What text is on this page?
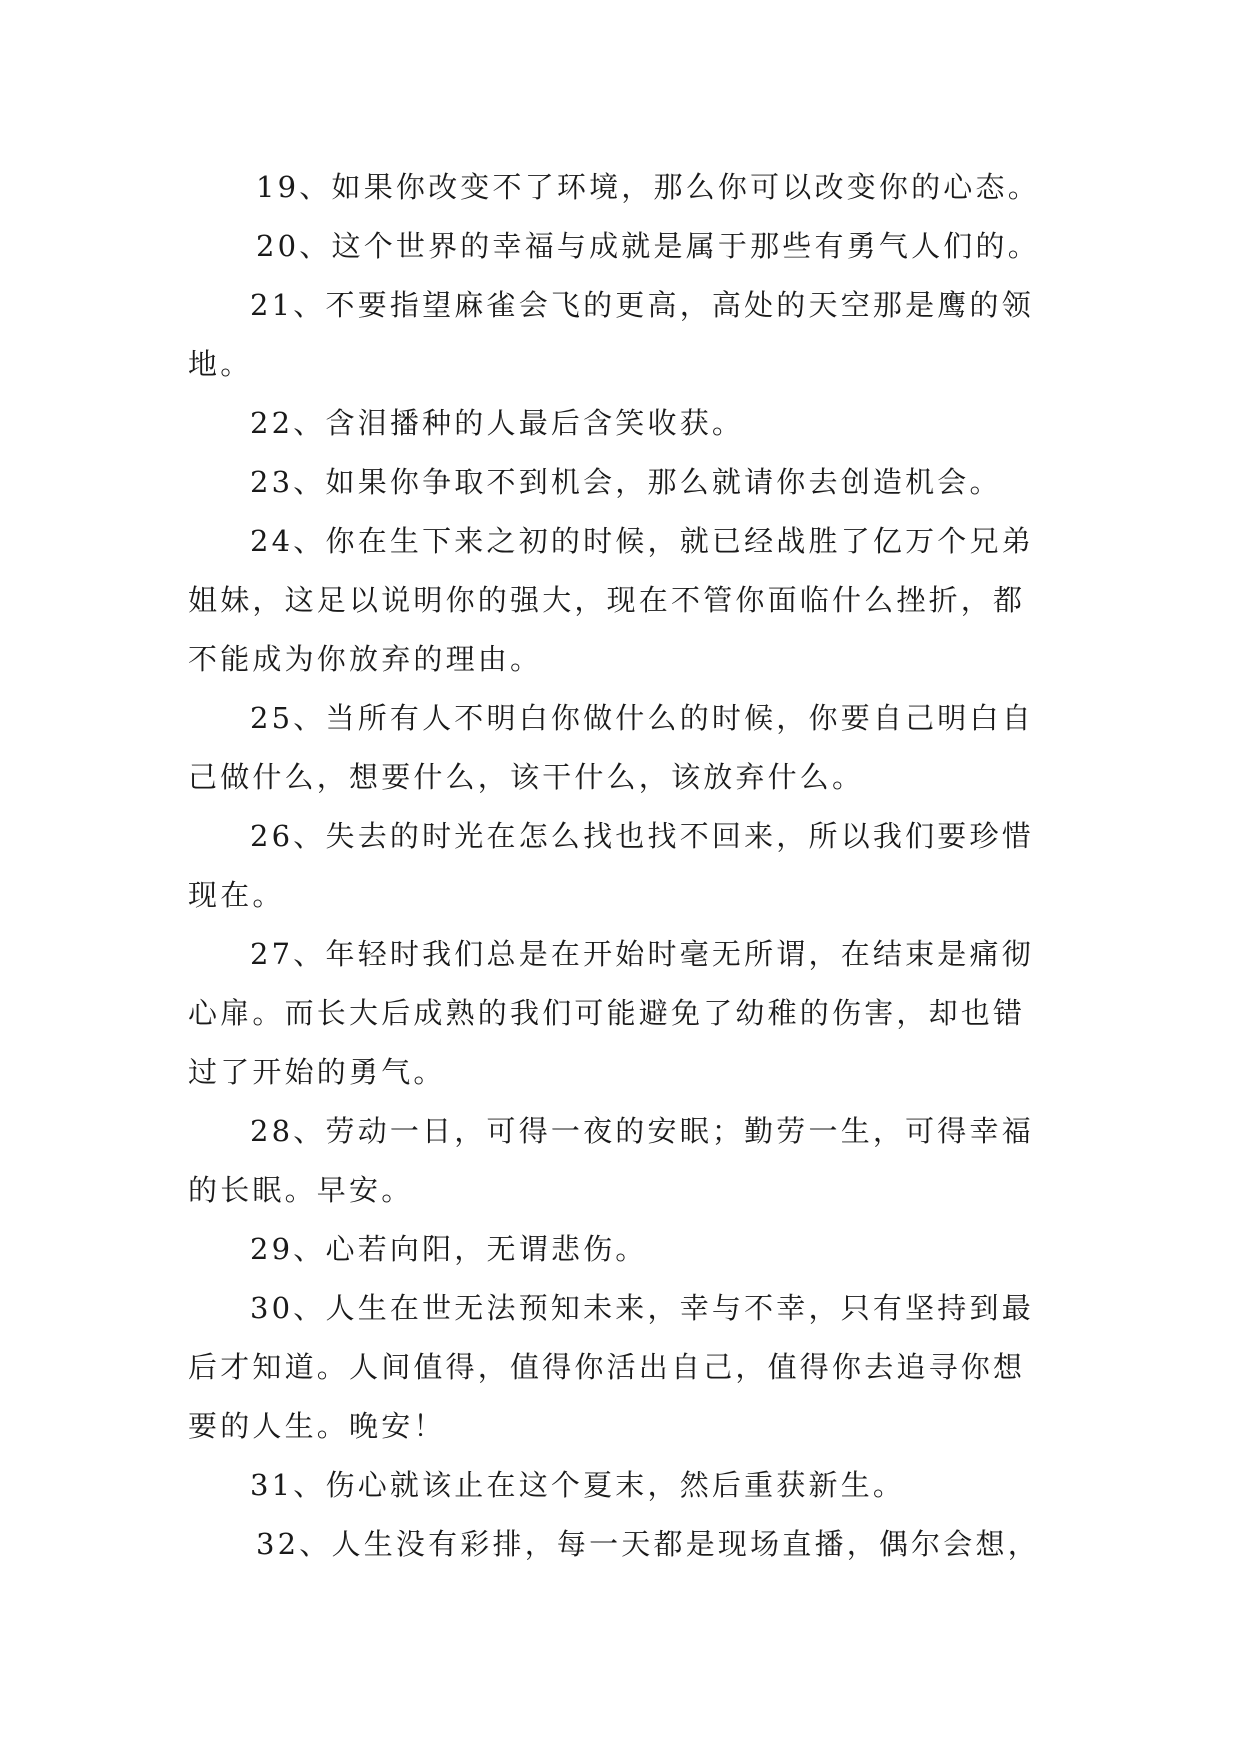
19、如果你改变不了环境，那么你可以改变你的心态。
20、这个世界的幸福与成就是属于那些有勇气人们的。
21、不要指望麻雀会飞的更高，高处的天空那是鹰的领
地。
22、含泪播种的人最后含笑收获。
23、如果你争取不到机会，那么就请你去创造机会。
24、你在生下来之初的时候，就已经战胜了亿万个兄弟
姐妹，这足以说明你的强大，现在不管你面临什么挫折，都
不能成为你放弃的理由。
25、当所有人不明白你做什么的时候，你要自己明白自
己做什么，想要什么，该干什么，该放弃什么。
26、失去的时光在怎么找也找不回来，所以我们要珍惜
现在。
27、年轻时我们总是在开始时毫无所谓，在结束是痛彻
心扉。而长大后成熟的我们可能避免了幼稚的伤害，却也错
过了开始的勇气。
28、劳动一日，可得一夜的安眠；勤劳一生，可得幸福
的长眠。早安。
29、心若向阳，无谓悲伤。
30、人生在世无法预知未来，幸与不幸，只有坚持到最
后才知道。人间值得，值得你活出自己，值得你去追寻你想
要的人生。晚安！
31、伤心就该止在这个夏末，然后重获新生。
32、人生没有彩排，每一天都是现场直播，偶尔会想，
